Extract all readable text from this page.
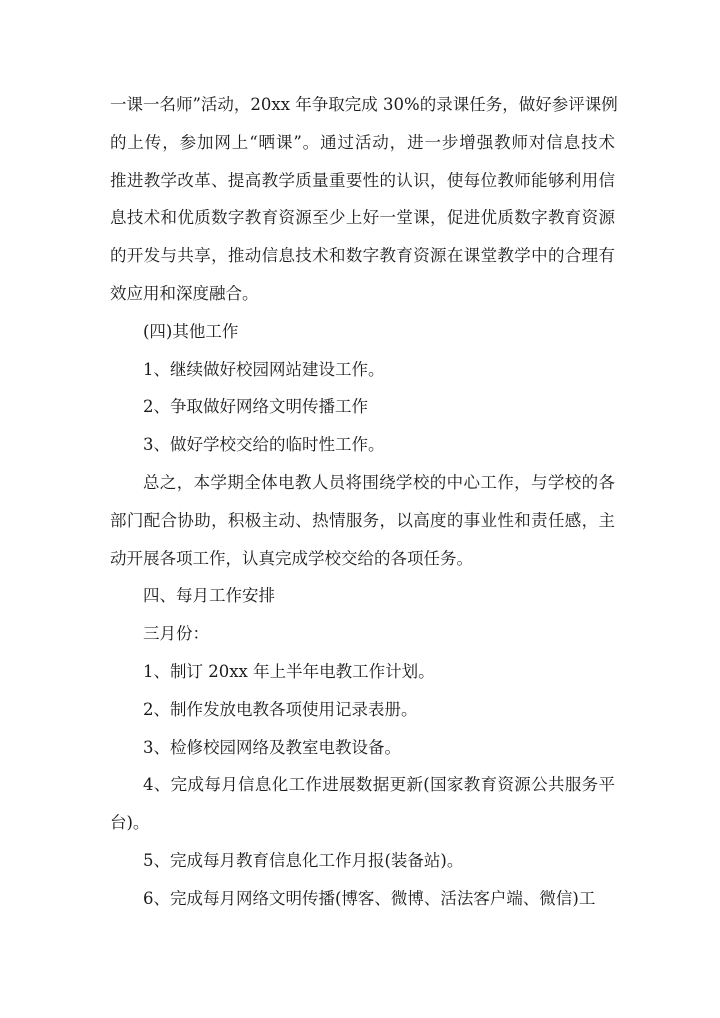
一课一名师”活动，20xx 年争取完成 30%的录课任务，做好参评课例
的上传，参加网上“晒课”。通过活动，进一步增强教师对信息技术
推进教学改革、提高教学质量重要性的认识，使每位教师能够利用信
息技术和优质数字教育资源至少上好一堂课，促进优质数字教育资源
的开发与共享，推动信息技术和数字教育资源在课堂教学中的合理有
效应用和深度融合。
(四)其他工作
1、继续做好校园网站建设工作。
2、争取做好网络文明传播工作
3、做好学校交给的临时性工作。
总之，本学期全体电教人员将围绕学校的中心工作，与学校的各
部门配合协助，积极主动、热情服务，以高度的事业性和责任感，主
动开展各项工作，认真完成学校交给的各项任务。
四、每月工作安排
三月份：
1、制订 20xx 年上半年电教工作计划。
2、制作发放电教各项使用记录表册。
3、检修校园网络及教室电教设备。
4、完成每月信息化工作进展数据更新(国家教育资源公共服务平
台)。
5、完成每月教育信息化工作月报(装备站)。
6、完成每月网络文明传播(博客、微博、活法客户端、微信)工
